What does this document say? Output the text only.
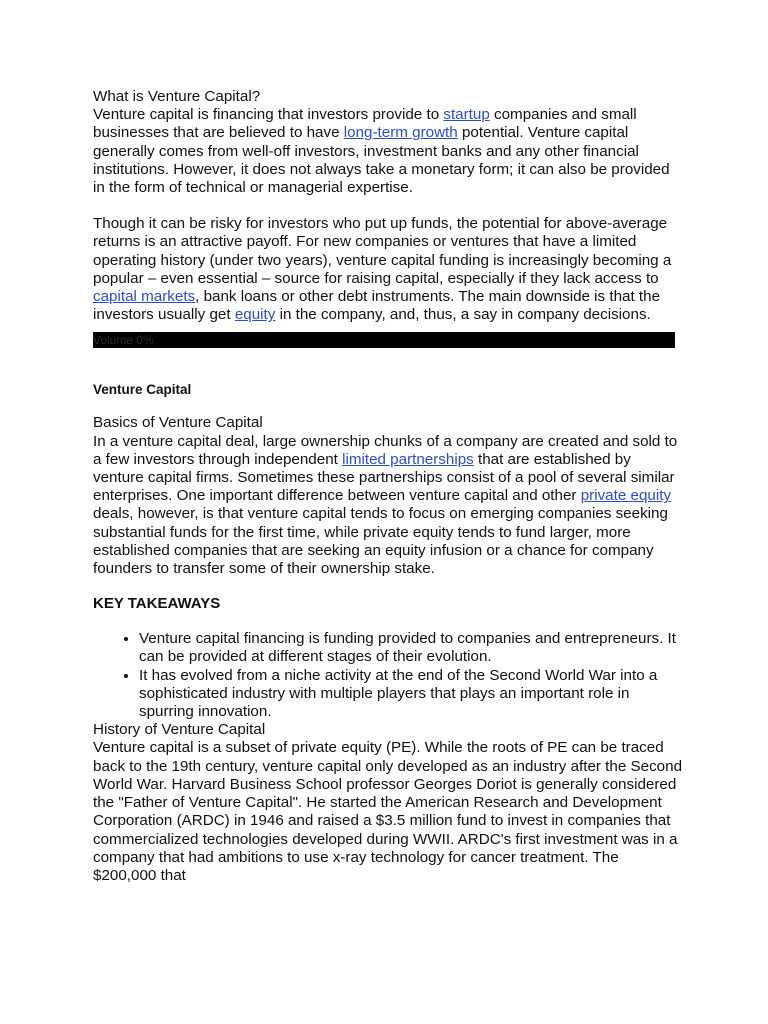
What is Venture Capital?

Venture capital is financing that investors provide to startup companies and small businesses that are believed to have long-term growth potential. Venture capital generally comes from well-off investors, investment banks and any other financial institutions. However, it does not always take a monetary form; it can also be provided in the form of technical or managerial expertise.

Though it can be risky for investors who put up funds, the potential for above-average returns is an attractive payoff. For new companies or ventures that have a limited operating history (under two years), venture capital funding is increasingly becoming a popular – even essential – source for raising capital, especially if they lack access to capital markets, bank loans or other debt instruments. The main downside is that the investors usually get equity in the company, and, thus, a say in company decisions.

Volume 0%

Venture Capital

Basics of Venture Capital

In a venture capital deal, large ownership chunks of a company are created and sold to a few investors through independent limited partnerships that are established by venture capital firms. Sometimes these partnerships consist of a pool of several similar enterprises. One important difference between venture capital and other private equity deals, however, is that venture capital tends to focus on emerging companies seeking substantial funds for the first time, while private equity tends to fund larger, more established companies that are seeking an equity infusion or a chance for company founders to transfer some of their ownership stake.

KEY TAKEAWAYS

• Venture capital financing is funding provided to companies and entrepreneurs. It can be provided at different stages of their evolution.
• It has evolved from a niche activity at the end of the Second World War into a sophisticated industry with multiple players that plays an important role in spurring innovation.

History of Venture Capital

Venture capital is a subset of private equity (PE). While the roots of PE can be traced back to the 19th century, venture capital only developed as an industry after the Second World War. Harvard Business School professor Georges Doriot is generally considered the "Father of Venture Capital". He started the American Research and Development Corporation (ARDC) in 1946 and raised a $3.5 million fund to invest in companies that commercialized technologies developed during WWII. ARDC's first investment was in a company that had ambitions to use x-ray technology for cancer treatment. The $200,000 that
